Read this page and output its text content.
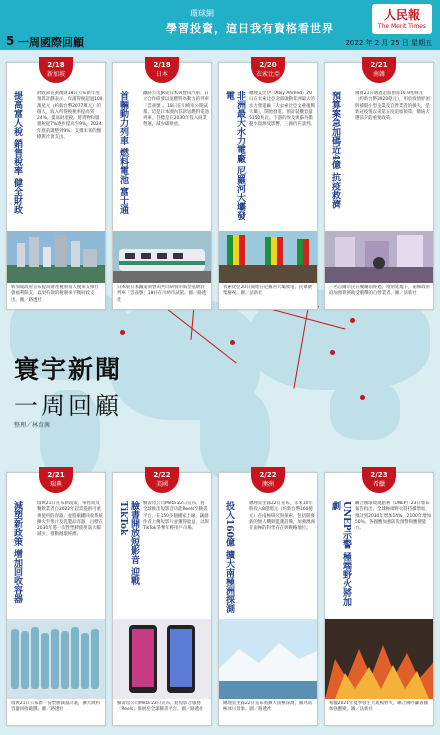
5 一周國際回顧
環球網
學習投資，這日我有資格看世界
人民報
The Merit Times
2022 年 2 月 25 日 星期五
寰宇新聞
一周回顧
整理／林育茜
2/18
新加坡
提高富人稅 銷售稅率 健全財政	財政部長黃循財18日公布新年度預算計劃表示，年滿得稅超過100萬星元（約新台幣2077萬元）的個人，收入所得稅稅率提高到24%。提高財產稅，將貨物和服務稅從7%逐步提高至9%，2024年底前調整到9%，支撐未來的醫療與社會支出。
新加坡政府宣布提高財產稅與富人稅來支撐社會福利開支，以更有效的稅制來平衡財政支出。圖／路透社
2/18
日本
首輛動力列車 燃料電池 富士通	鐵路公司JR東日本與豐田汽車、日立合作研發以氫燃料為動力的列車「雲雀號」，18日在川崎市公開試駕。這是日本國內首款氫燃料電池列車，目標是在2030年投入商業營運，減少碳排放。
日本東日本鐵道與豐田共同研發的新型氫燃料列車「雲雀號」18日在川崎市試駕。圖／路透社
2/20
衣索比亞
非洲最大水力電廠 尼羅河大壩發電	總理艾比伊（Abiy Ahmed）20日在衣索比亞北部啟動非洲最大的水力發電廠「大衣索比亞文藝復興大壩」，開始發電。預計裝機容量5150兆瓦。下游的埃及與蘇丹擔憂水資源受影響，三國仍在談判。
衣索比亞20日開始在尼羅河大壩發電，民眾聚集慶祝。圖／法新社
2/21
南韓
預算案急加碼近4億 抗疫救濟	國會21日通過追加預算16.9兆韓元（約新台幣3920億元），用於疫情紓困與補償小型企業及自營業者的損失，是新冠疫情以來第五度追加預算，總統大選前夕的重要政策。
一名首爾市民在餐廳前經過。疫情延燒下，南韓政府追加預算援助受衝擊的自營業者。圖／法新社
2/21
瑞典
減塑新政策 增加回收容器	瑞典21日宣布新政策，零售商及餐飲業者自2022年起需提供可重複使用的容器，並將瓶罐回收系統擴大至果汁及乳製品容器，目標在2030年將一次性塑膠使用量大幅減少，推動循環經濟。
瑞典21日公布新一份塑膠減量計畫，擴大飲料容器回收範圍。圖／路透社
2/22
美國
臉書開放短影音 迎戰TikTok	臉書母公司Meta 22日宣布，將全球推出短影音功能Reels至臉書平台，在150多個國家上線，讓創作者上傳短影片並獲得收益，以與TikTok爭奪年輕用戶市場。
臉書母公司Meta 22日宣布，將短影音服務「Reels」推展至全球臉書平台。圖／路透社
2/22
澳洲
投入160億 擴大南極洲探測	總理莫里森22日宣布，未來10年將投入8億澳元（約新台幣160億元）在南極研究與探索，包括開發新的無人機與監測設備，加強澳洲在南極的科學存在與戰略地位。
總理莫里森22日宣布將擴大南極探測，圖為南極冰川景象。圖／路透社
2/23
希臘
UNEP示警 極端野火將加劇	聯合國環境規劃署（UNEP）23日發布報告指出，全球極端野火將持續增加，預計到2030年增加14%，2100年增加50%。各國應加強防災預警與應變能力。
希臘2021年夏季發生大規模野火，聯合國呼籲各國加強應變。圖／法新社
